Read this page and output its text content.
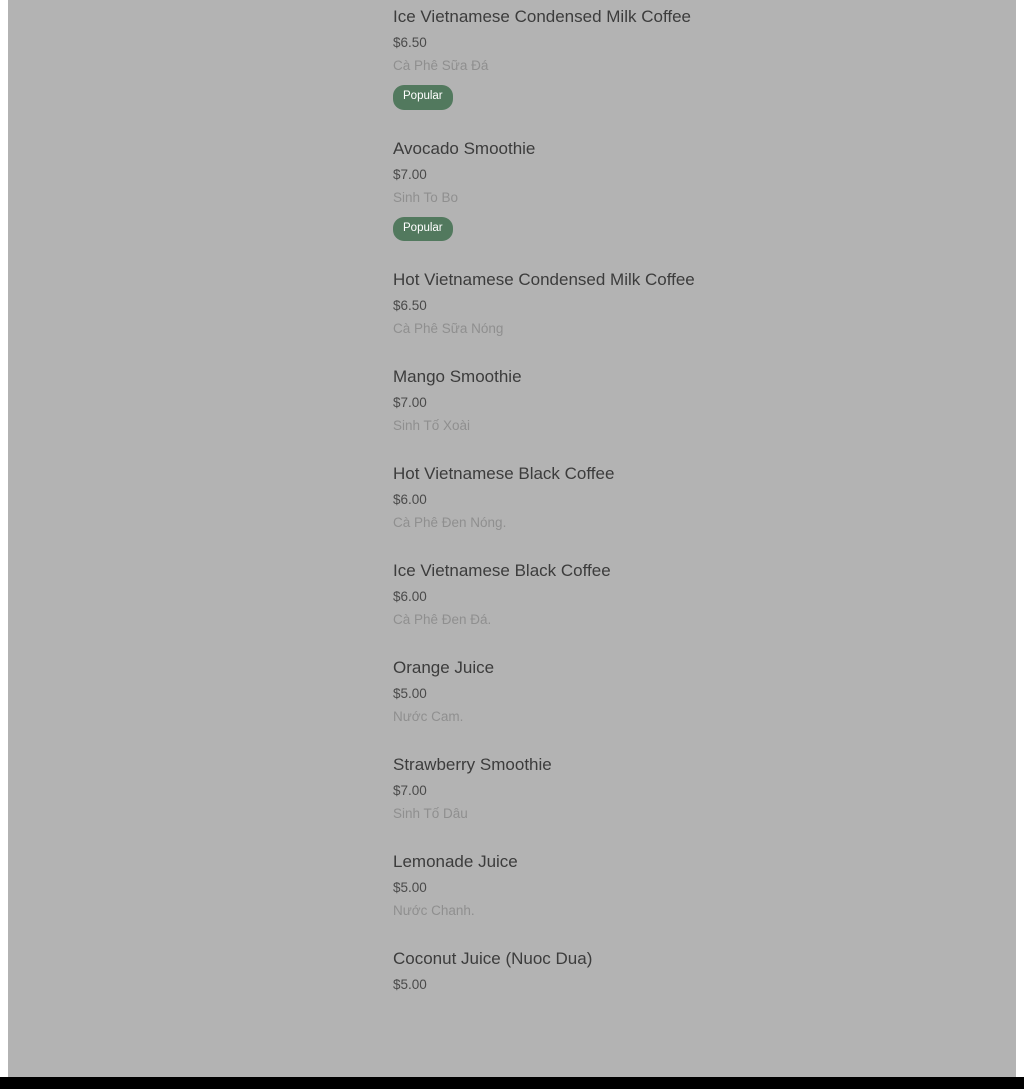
Ice Vietnamese Condensed Milk Coffee
$6.50
Cà Phê Sữa Đá
Popular
Avocado Smoothie
$7.00
Sinh To Bo
Popular
Hot Vietnamese Condensed Milk Coffee
$6.50
Cà Phê Sữa Nóng
Mango Smoothie
$7.00
Sinh Tố Xoài
Hot Vietnamese Black Coffee
$6.00
Cà Phê Đen Nóng.
Ice Vietnamese Black Coffee
$6.00
Cà Phê Đen Đá.
Orange Juice
$5.00
Nước Cam.
Strawberry Smoothie
$7.00
Sinh Tố Dâu
Lemonade Juice
$5.00
Nước Chanh.
Coconut Juice (Nuoc Dua)
$5.00
